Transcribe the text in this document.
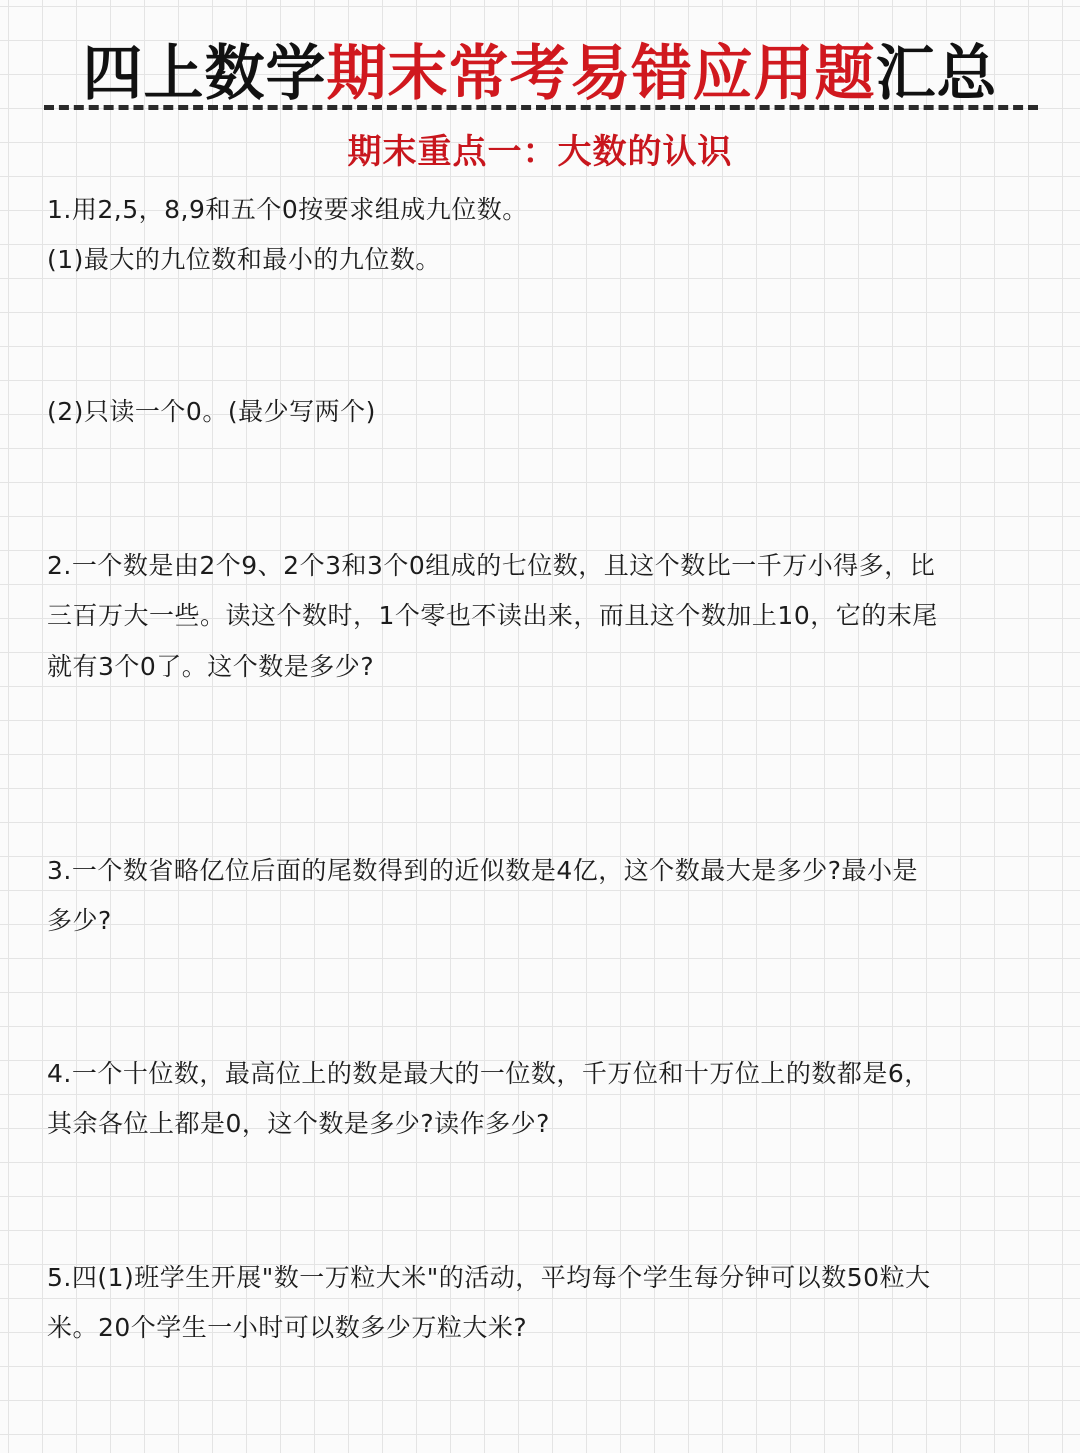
四上数学期末常考易错应用题汇总
期末重点一：大数的认识
1.用2,5，8,9和五个0按要求组成九位数。
(1)最大的九位数和最小的九位数。
(2)只读一个0。(最少写两个)
2.一个数是由2个9、2个3和3个0组成的七位数，且这个数比一千万小得多，比
三百万大一些。读这个数时，1个零也不读出来，而且这个数加上10，它的末尾
就有3个0了。这个数是多少?
3.一个数省略亿位后面的尾数得到的近似数是4亿，这个数最大是多少?最小是
多少?
4.一个十位数，最高位上的数是最大的一位数，千万位和十万位上的数都是6，
其余各位上都是0，这个数是多少?读作多少?
5.四(1)班学生开展"数一万粒大米"的活动，平均每个学生每分钟可以数50粒大
米。20个学生一小时可以数多少万粒大米?
